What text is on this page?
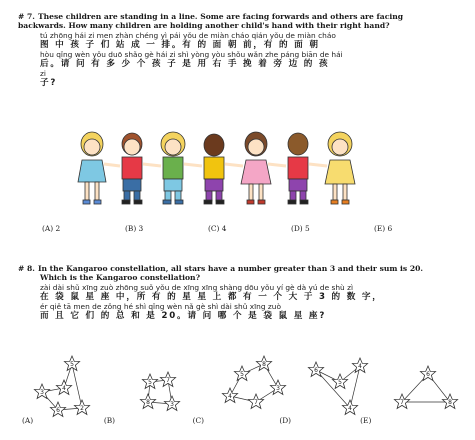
# 7. These children are standing in a line. Some are facing forwards and others are facing
backwards. How many children are holding another child's hand with their right hand?
tú zhōng hái zi men zhàn chéng yì pái yǒu de miàn cháo qián yǒu de miàn cháo
图 中 孩 子 们 站 成 一 排。有 的 面 朝 前，有 的 面 朝
hòu qǐng wèn yǒu duō shǎo gè hái zi shì yòng yòu shǒu wǎn zhe páng biān de hái
后。请 问 有 多 少 个 孩 子 是 用 右 手 挽 着 旁 边 的 孩
zi
子?
(A) 2	(B) 3	(C) 4	(D) 5	(E) 6
# 8. In the Kangaroo constellation, all stars have a number greater than 3 and their sum is 20.
Which is the Kangaroo constellation?
zài dài shǔ xīng zuò zhōng suǒ yǒu de xīng xīng shàng dōu yǒu yí gè dà yú de shù zì
在 袋 鼠 星 座 中，所 有 的 星 星 上 都 有 一 个 大 于 3 的 数 字，
ér qiě tā men de zǒng hé shì qǐng wèn nǎ gè shì dài shǔ xīng zuò
而 且 它 们 的 总 和 是 20。请 问 哪 个 是 袋 鼠 星 座?
5
4
3
6	2
5 7
3
8
4
5
8
3
7
6
5
4
4
7
6
8
(A)	(B)	(C)	(D)	(E)
